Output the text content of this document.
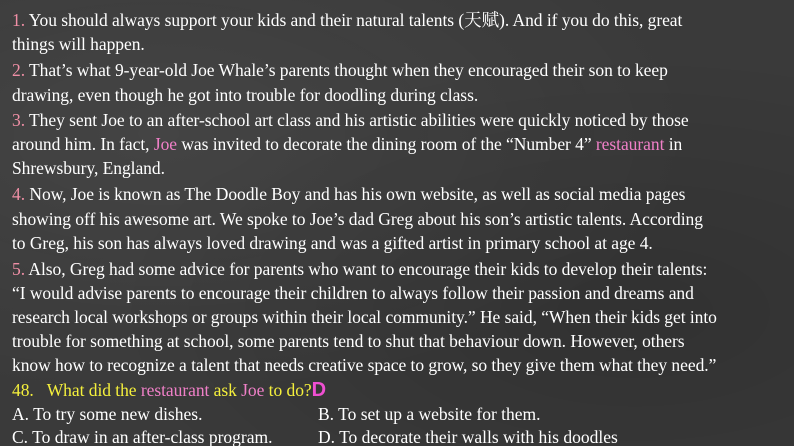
1. You should always support your kids and their natural talents (天赋). And if you do this, great
things will happen.
2. That’s what 9-year-old Joe Whale’s parents thought when they encouraged their son to keep
drawing, even though he got into trouble for doodling during class.
3. They sent Joe to an after-school art class and his artistic abilities were quickly noticed by those
around him. In fact, Joe was invited to decorate the dining room of the “Number 4” restaurant in
Shrewsbury, England.
4. Now, Joe is known as The Doodle Boy and has his own website, as well as social media pages
showing off his awesome art. We spoke to Joe’s dad Greg about his son’s artistic talents. According
to Greg, his son has always loved drawing and was a gifted artist in primary school at age 4.
5. Also, Greg had some advice for parents who want to encourage their kids to develop their talents:
“I would advise parents to encourage their children to always follow their passion and dreams and
research local workshops or groups within their local community.” He said, “When their kids get into
trouble for something at school, some parents tend to shut that behaviour down. However, others
know how to recognize a talent that needs creative space to grow, so they give them what they need.”
48. What did the restaurant ask Joe to do?D
A. To try some new dishes.	B. To set up a website for them.
C. To draw in an after-class program.	D. To decorate their walls with his doodles
